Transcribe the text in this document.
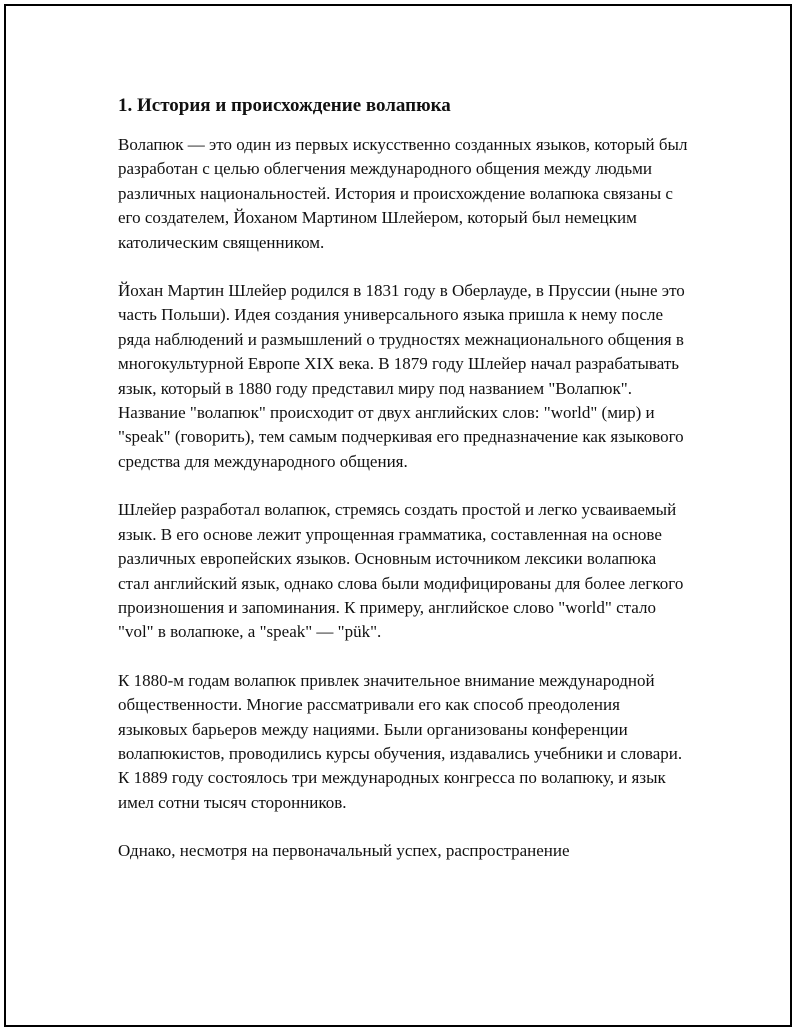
1. История и происхождение волапюка

Волапюк — это один из первых искусственно созданных языков, который был разработан с целью облегчения международного общения между людьми различных национальностей. История и происхождение волапюка связаны с его создателем, Йоханом Мартином Шлейером, который был немецким католическим священником.

Йохан Мартин Шлейер родился в 1831 году в Оберлауде, в Пруссии (ныне это часть Польши). Идея создания универсального языка пришла к нему после ряда наблюдений и размышлений о трудностях межнационального общения в многокультурной Европе XIX века. В 1879 году Шлейер начал разрабатывать язык, который в 1880 году представил миру под названием "Волапюк". Название "волапюк" происходит от двух английских слов: "world" (мир) и "speak" (говорить), тем самым подчеркивая его предназначение как языкового средства для международного общения.

Шлейер разработал волапюк, стремясь создать простой и легко усваиваемый язык. В его основе лежит упрощенная грамматика, составленная на основе различных европейских языков. Основным источником лексики волапюка стал английский язык, однако слова были модифицированы для более легкого произношения и запоминания. К примеру, английское слово "world" стало "vol" в волапюке, а "speak" — "pük".

К 1880-м годам волапюк привлек значительное внимание международной общественности. Многие рассматривали его как способ преодоления языковых барьеров между нациями. Были организованы конференции волапюкистов, проводились курсы обучения, издавались учебники и словари. К 1889 году состоялось три международных конгресса по волапюку, и язык имел сотни тысяч сторонников.

Однако, несмотря на первоначальный успех, распространение
